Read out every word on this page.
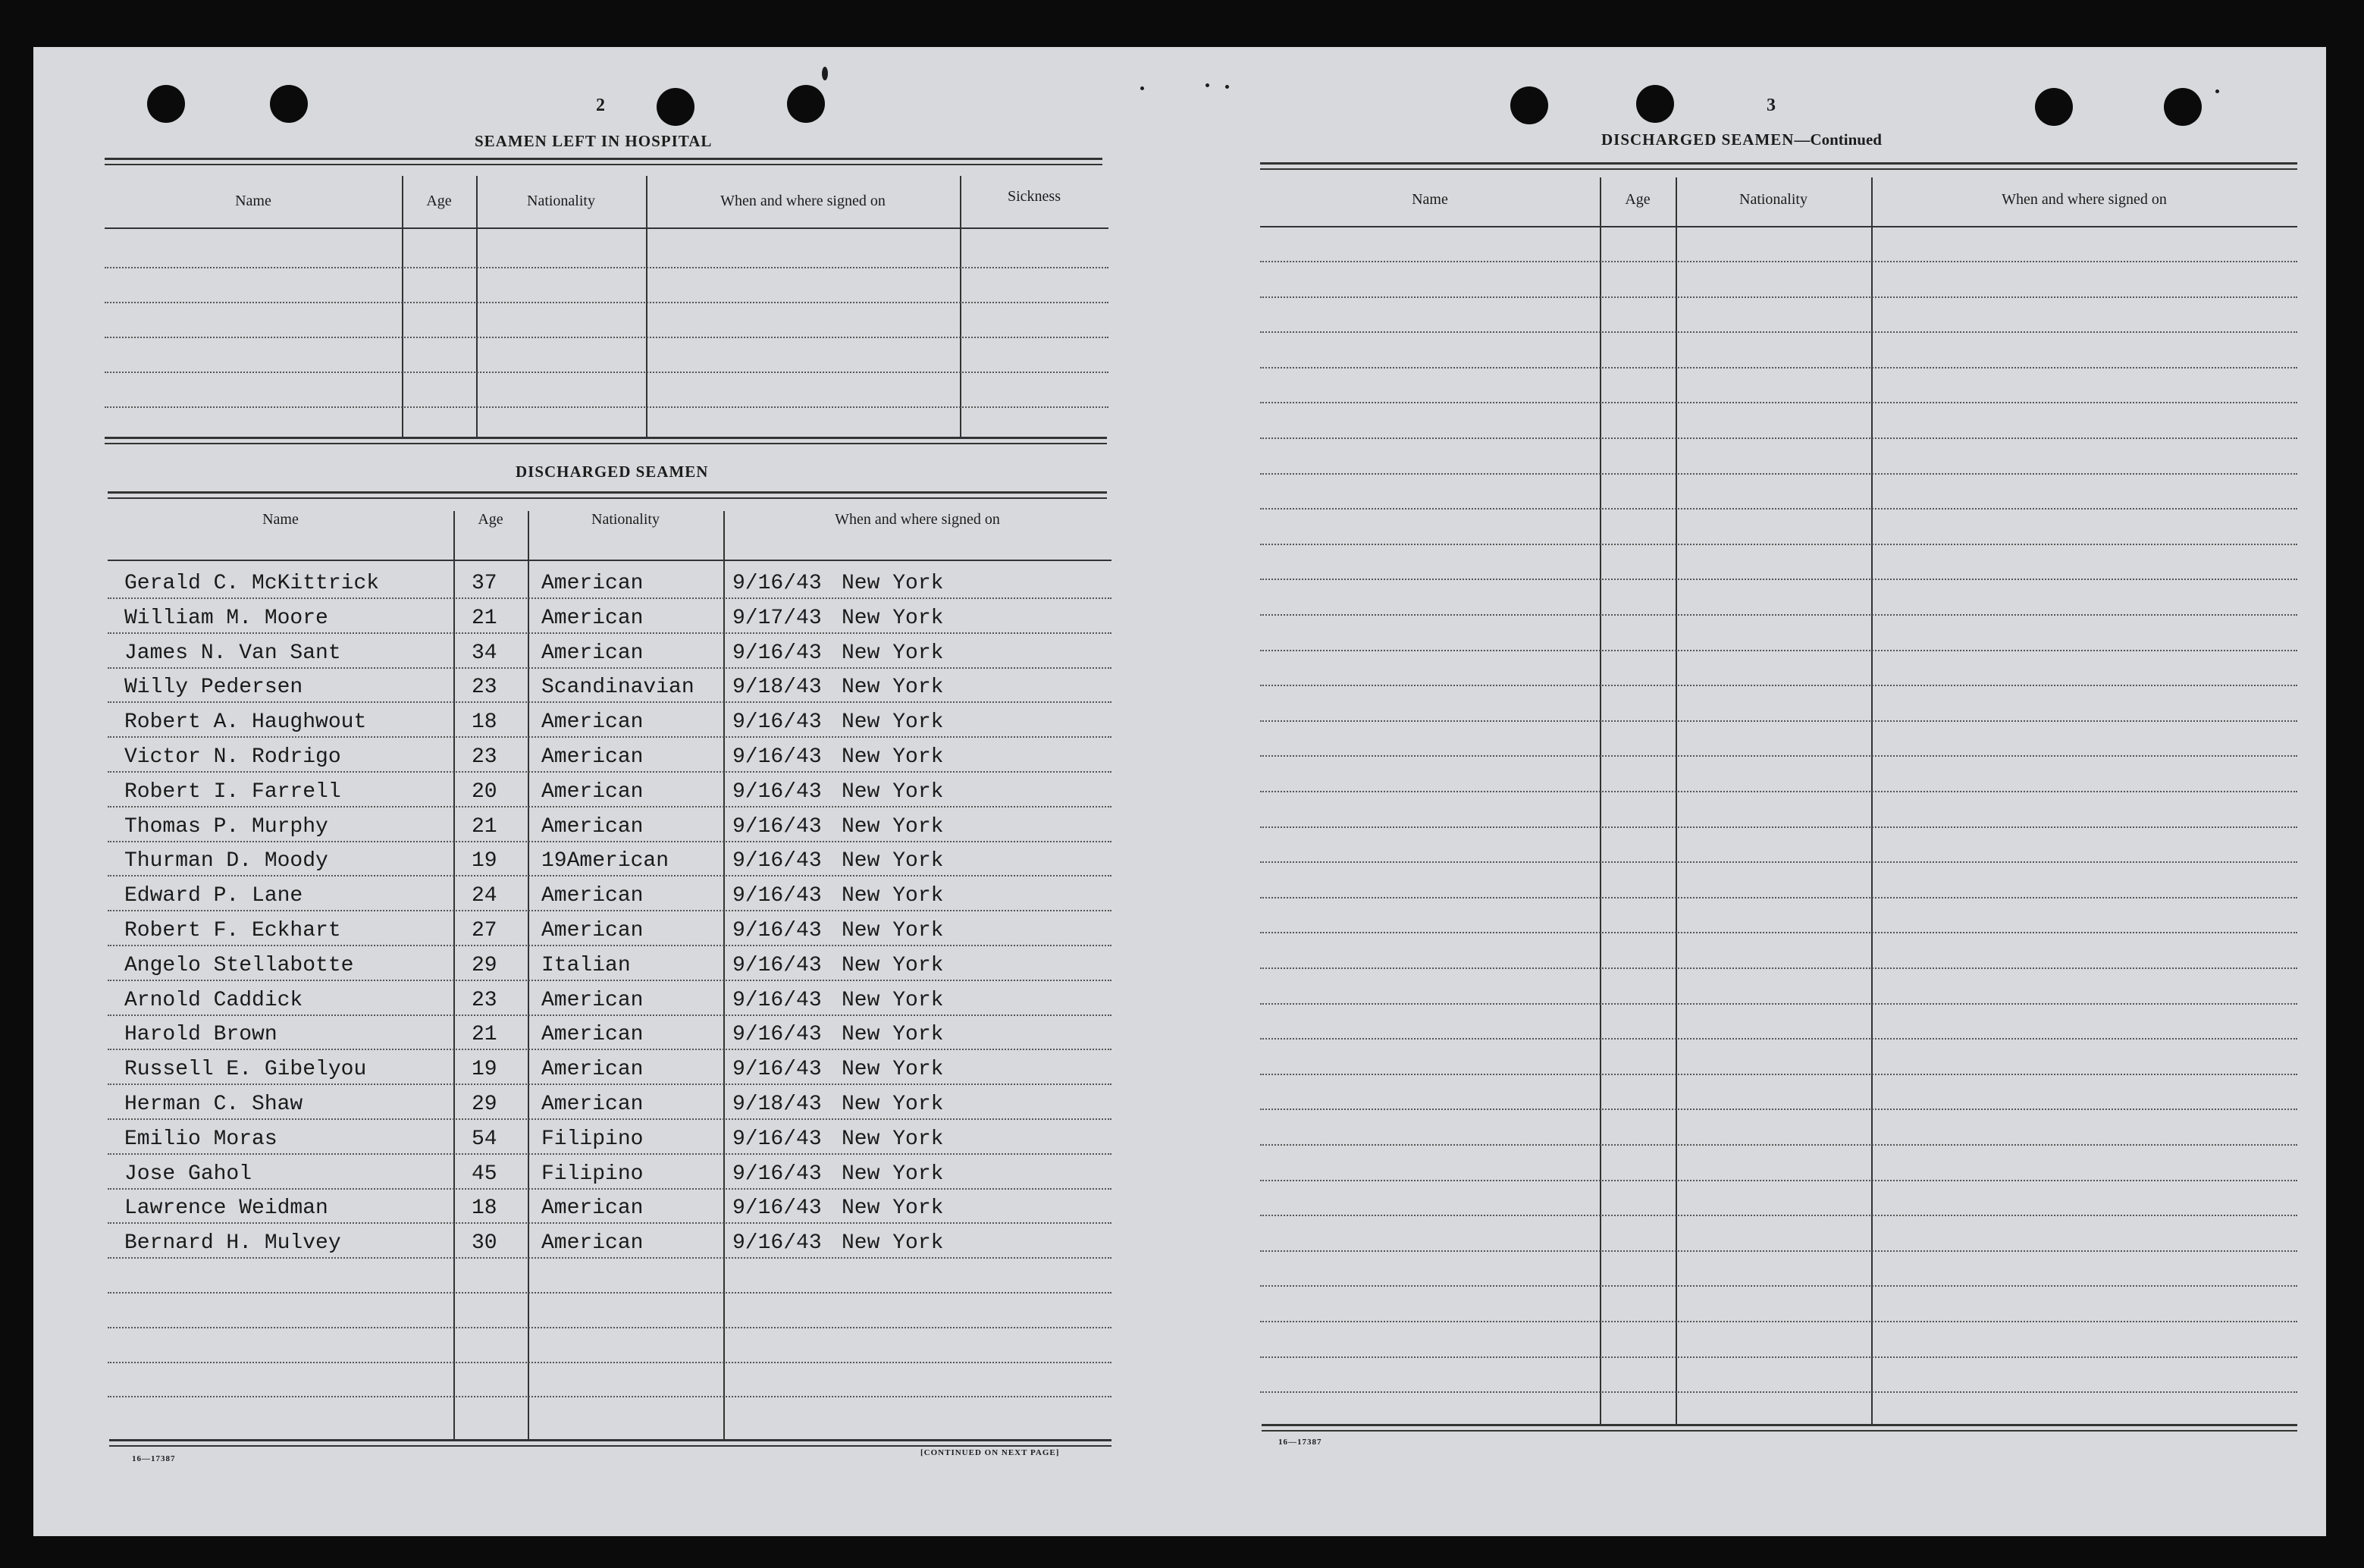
2
SEAMEN LEFT IN HOSPITAL
DISCHARGED SEAMEN
16—17387
[CONTINUED ON NEXT PAGE]
3
DISCHARGED SEAMEN—Continued
16—17387
Name	Age	Nationality	When and where signed on	Sickness
Name	Age	Nationality	When and where signed on
Gerald C. McKittrick	37 American	9/16/43 New York
William M. Moore	21 American	9/17/43 New York
James N. Van Sant	34 American	9/16/43 New York
Willy Pedersen	23 Scandinavian 9/18/43 New York
Robert A. Haughwout	18 American	9/16/43 New York
Victor N. Rodrigo	23 American	9/16/43 New York
Robert I. Farrell	20 American	9/16/43 New York
Thomas P. Murphy	21 American	9/16/43 New York
Thurman D. Moody	19 19American	9/16/43 New York
Edward P. Lane	24 American	9/16/43 New York
Robert F. Eckhart	27 American	9/16/43 New York
Angelo Stellabotte	29 Italian	9/16/43 New York
Arnold Caddick	23 American	9/16/43 New York
Harold Brown	21 American	9/16/43 New York
Russell E. Gibelyou	19 American	9/16/43 New York
Herman C. Shaw	29 American	9/18/43 New York
Emilio Moras	54 Filipino	9/16/43 New York
Jose Gahol	45 Filipino	9/16/43 New York
Lawrence Weidman	18 American	9/16/43 New York
Bernard H. Mulvey	30 American	9/16/43 New York
Name	Age	Nationality	When and where signed on
